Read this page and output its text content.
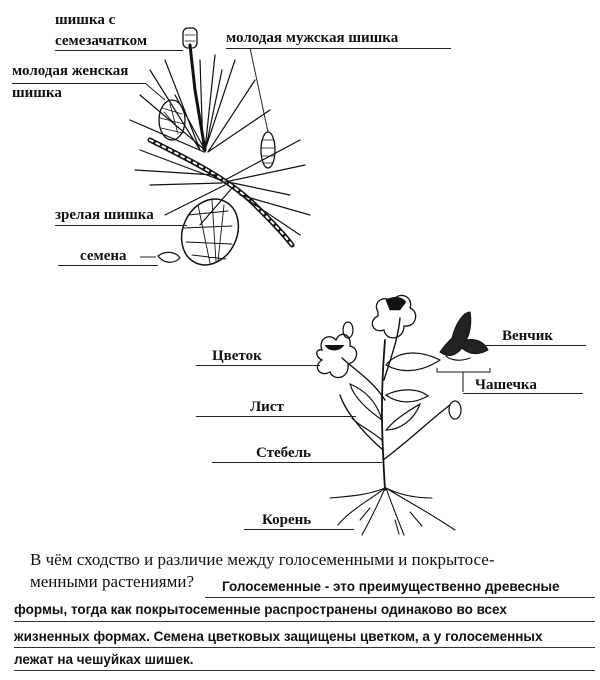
шишка с
семезачатком	молодая мужская шишка
молодая женская
шишка
зрелая шишка
семена
Цветок
Лист
Стебель
Корень
Венчик
Чашечка
В чём сходство и различие между голосеменными и покрытосе-
менными растениями?	Голосеменные - это преимущественно древесные
формы, тогда как покрытосеменные распространены одинаково во всех
жизненных формах. Семена цветковых защищены цветком, а у голосеменных
лежат на чешуйках шишек.
